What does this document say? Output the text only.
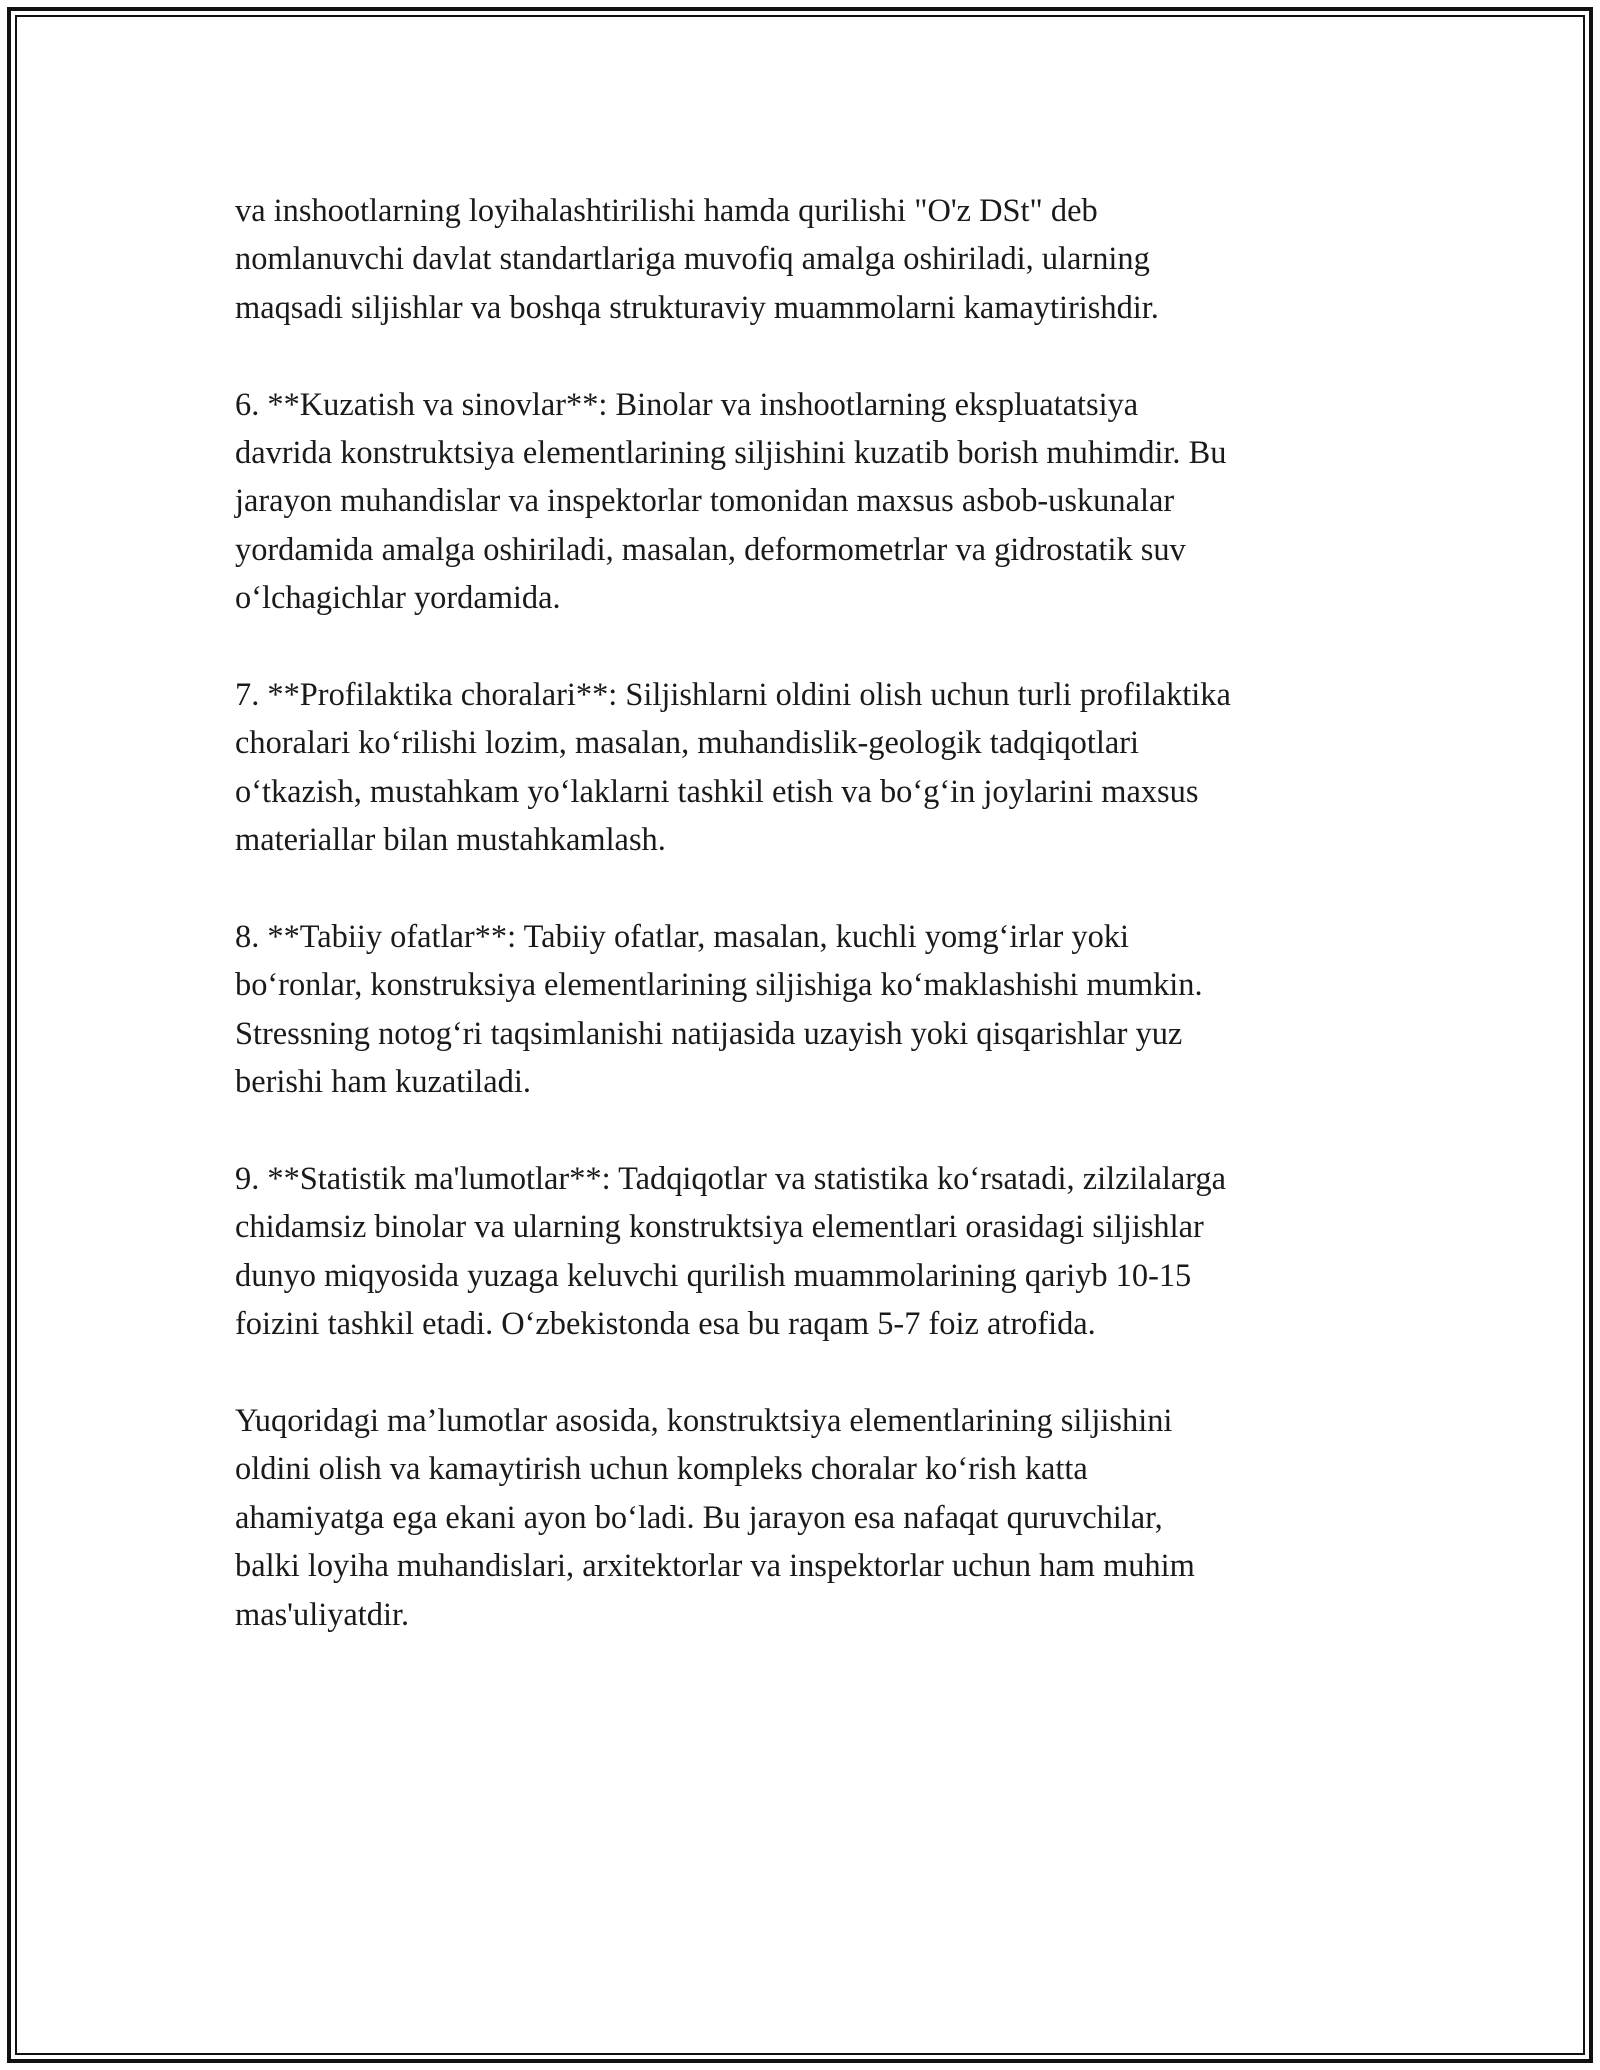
va inshootlarning loyihalashtirilishi hamda qurilishi "O'z DSt" deb
nomlanuvchi davlat standartlariga muvofiq amalga oshiriladi, ularning
maqsadi siljishlar va boshqa strukturaviy muammolarni kamaytirishdir.

6. **Kuzatish va sinovlar**: Binolar va inshootlarning ekspluatatsiya
davrida konstruktsiya elementlarining siljishini kuzatib borish muhimdir. Bu
jarayon muhandislar va inspektorlar tomonidan maxsus asbob-uskunalar
yordamida amalga oshiriladi, masalan, deformometrlar va gidrostatik suv
o‘lchagichlar yordamida.

7. **Profilaktika choralari**: Siljishlarni oldini olish uchun turli profilaktika
choralari ko‘rilishi lozim, masalan, muhandislik-geologik tadqiqotlari
o‘tkazish, mustahkam yo‘laklarni tashkil etish va bo‘g‘in joylarini maxsus
materiallar bilan mustahkamlash.

8. **Tabiiy ofatlar**: Tabiiy ofatlar, masalan, kuchli yomg‘irlar yoki
bo‘ronlar, konstruksiya elementlarining siljishiga ko‘maklashishi mumkin.
Stressning notog‘ri taqsimlanishi natijasida uzayish yoki qisqarishlar yuz
berishi ham kuzatiladi.

9. **Statistik ma'lumotlar**: Tadqiqotlar va statistika ko‘rsatadi, zilzilalarga
chidamsiz binolar va ularning konstruktsiya elementlari orasidagi siljishlar
dunyo miqyosida yuzaga keluvchi qurilish muammolarining qariyb 10-15
foizini tashkil etadi. O‘zbekistonda esa bu raqam 5-7 foiz atrofida.

Yuqoridagi ma’lumotlar asosida, konstruktsiya elementlarining siljishini
oldini olish va kamaytirish uchun kompleks choralar ko‘rish katta
ahamiyatga ega ekani ayon bo‘ladi. Bu jarayon esa nafaqat quruvchilar,
balki loyiha muhandislari, arxitektorlar va inspektorlar uchun ham muhim
mas'uliyatdir.
